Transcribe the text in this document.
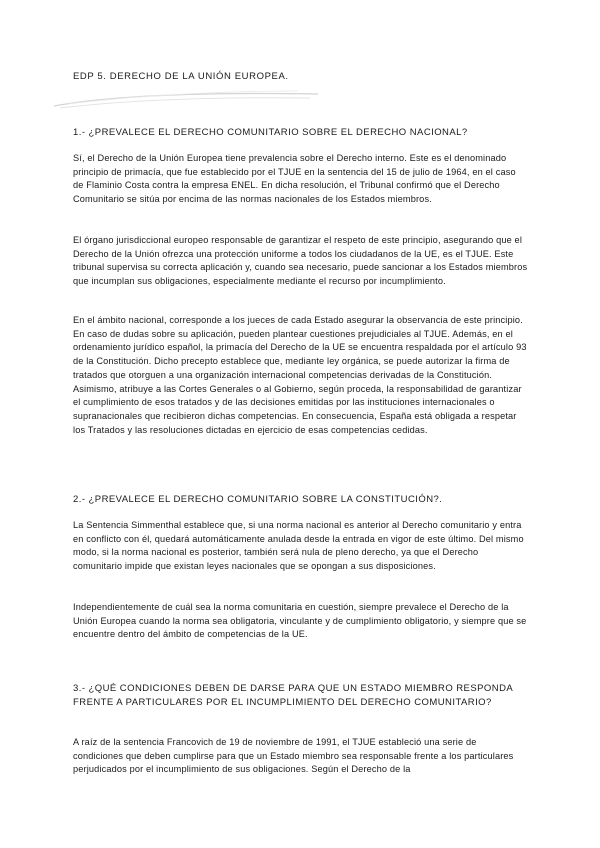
EDP 5. DERECHO DE LA UNIÓN EUROPEA.
1.- ¿PREVALECE EL DERECHO COMUNITARIO SOBRE EL DERECHO NACIONAL?
Sí, el Derecho de la Unión Europea tiene prevalencia sobre el Derecho interno. Este es el denominado principio de primacía, que fue establecido por el TJUE en la sentencia del 15 de julio de 1964, en el caso de Flaminio Costa contra la empresa ENEL. En dicha resolución, el Tribunal confirmó que el Derecho Comunitario se sitúa por encima de las normas nacionales de los Estados miembros.
El órgano jurisdiccional europeo responsable de garantizar el respeto de este principio, asegurando que el Derecho de la Unión ofrezca una protección uniforme a todos los ciudadanos de la UE, es el TJUE. Este tribunal supervisa su correcta aplicación y, cuando sea necesario, puede sancionar a los Estados miembros que incumplan sus obligaciones, especialmente mediante el recurso por incumplimiento.
En el ámbito nacional, corresponde a los jueces de cada Estado asegurar la observancia de este principio. En caso de dudas sobre su aplicación, pueden plantear cuestiones prejudiciales al TJUE. Además, en el ordenamiento jurídico español, la primacía del Derecho de la UE se encuentra respaldada por el artículo 93 de la Constitución. Dicho precepto establece que, mediante ley orgánica, se puede autorizar la firma de tratados que otorguen a una organización internacional competencias derivadas de la Constitución. Asimismo, atribuye a las Cortes Generales o al Gobierno, según proceda, la responsabilidad de garantizar el cumplimiento de esos tratados y de las decisiones emitidas por las instituciones internacionales o supranacionales que recibieron dichas competencias. En consecuencia, España está obligada a respetar los Tratados y las resoluciones dictadas en ejercicio de esas competencias cedidas.
2.- ¿PREVALECE EL DERECHO COMUNITARIO SOBRE LA CONSTITUCIÓN?.
La Sentencia Simmenthal establece que, si una norma nacional es anterior al Derecho comunitario y entra en conflicto con él, quedará automáticamente anulada desde la entrada en vigor de este último. Del mismo modo, si la norma nacional es posterior, también será nula de pleno derecho, ya que el Derecho comunitario impide que existan leyes nacionales que se opongan a sus disposiciones.
Independientemente de cuál sea la norma comunitaria en cuestión, siempre prevalece el Derecho de la Unión Europea cuando la norma sea obligatoria, vinculante y de cumplimiento obligatorio, y siempre que se encuentre dentro del ámbito de competencias de la UE.
3.- ¿QUÉ CONDICIONES DEBEN DE DARSE PARA QUE UN ESTADO MIEMBRO RESPONDA FRENTE A PARTICULARES POR EL INCUMPLIMIENTO DEL DERECHO COMUNITARIO?
A raíz de la sentencia Francovich de 19 de noviembre de 1991, el TJUE estableció una serie de condiciones que deben cumplirse para que un Estado miembro sea responsable frente a los particulares perjudicados por el incumplimiento de sus obligaciones. Según el Derecho de la
